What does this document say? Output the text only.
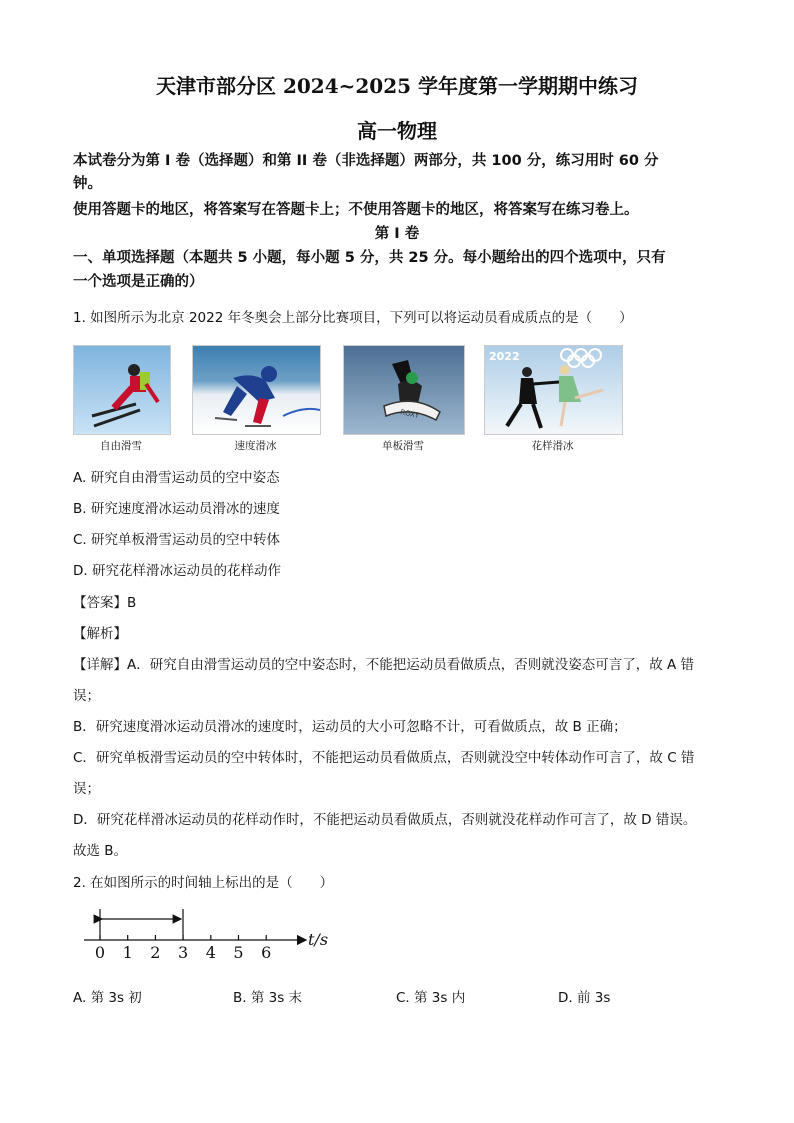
天津市部分区 2024~2025 学年度第一学期期中练习
高一物理
本试卷分为第 I 卷（选择题）和第 II 卷（非选择题）两部分，共 100 分，练习用时 60 分
钟。
使用答题卡的地区，将答案写在答题卡上；不使用答题卡的地区，将答案写在练习卷上。
第 I 卷
一、单项选择题（本题共 5 小题，每小题 5 分，共 25 分。每小题给出的四个选项中，只有
一个选项是正确的）
1. 如图所示为北京 2022 年冬奥会上部分比赛项目，下列可以将运动员看成质点的是（　　）
自由滑雪	速度滑冰
ROXY
单板滑雪
2022
花样滑冰
A. 研究自由滑雪运动员的空中姿态
B. 研究速度滑冰运动员滑冰的速度
C. 研究单板滑雪运动员的空中转体
D. 研究花样滑冰运动员的花样动作
【答案】B
【解析】
【详解】A．研究自由滑雪运动员的空中姿态时，不能把运动员看做质点，否则就没姿态可言了，故 A 错
误；
B．研究速度滑冰运动员滑冰的速度时，运动员的大小可忽略不计，可看做质点，故 B 正确；
C．研究单板滑雪运动员的空中转体时，不能把运动员看做质点，否则就没空中转体动作可言了，故 C 错
误；
D．研究花样滑冰运动员的花样动作时，不能把运动员看做质点，否则就没花样动作可言了，故 D 错误。
故选 B。
2. 在如图所示的时间轴上标出的是（　　）
0 1 2 3 4 5 6
t/s
A. 第 3s 初	B. 第 3s 末	C. 第 3s 内	D. 前 3s
